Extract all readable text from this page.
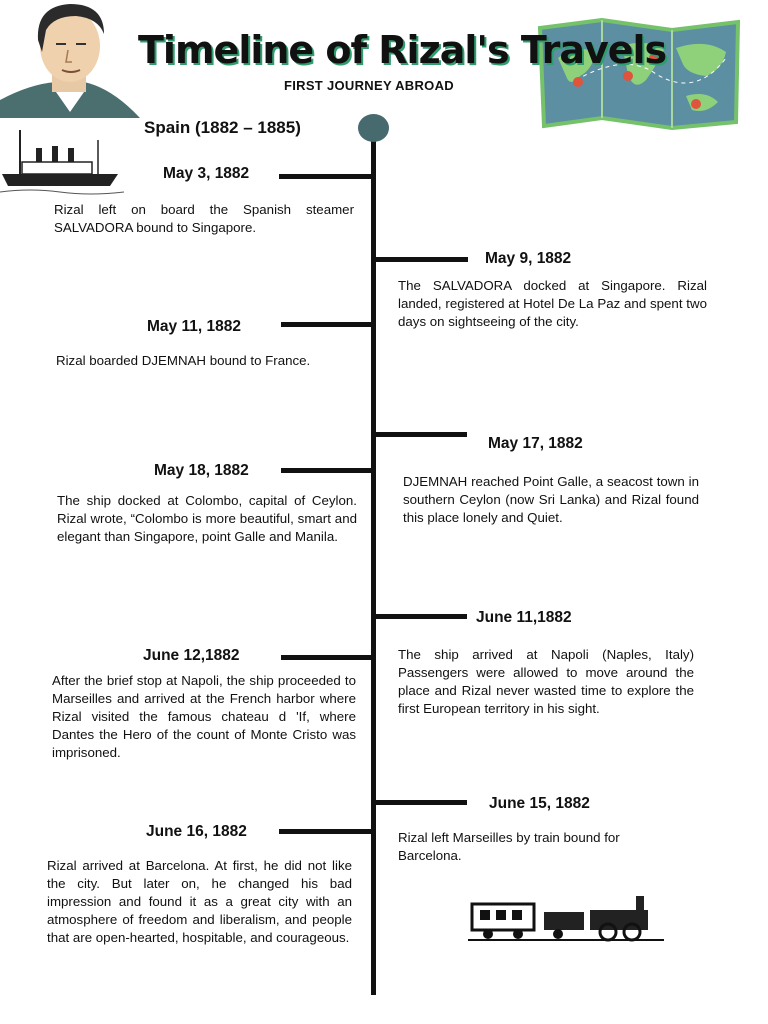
Timeline of Rizal's Travels
FIRST JOURNEY ABROAD
Spain (1882 – 1885)
May 3, 1882
Rizal left on board the Spanish steamer SALVADORA bound to Singapore.
May 9, 1882
The SALVADORA docked at Singapore. Rizal landed, registered at Hotel De La Paz and spent two days on sightseeing of the city.
May 11, 1882
Rizal boarded DJEMNAH bound to France.
May 17, 1882
DJEMNAH reached Point Galle, a seacost town in southern Ceylon (now Sri Lanka) and Rizal found this place lonely and Quiet.
May 18, 1882
The ship docked at Colombo, capital of Ceylon. Rizal wrote, “Colombo is more beautiful, smart and elegant than Singapore, point Galle and Manila.
June 11,1882
The ship arrived at Napoli (Naples, Italy) Passengers were allowed to move around the place and Rizal never wasted time to explore the first European territory in his sight.
June 12,1882
After the brief stop at Napoli, the ship proceeded to Marseilles and arrived at the French harbor where Rizal visited the famous chateau d 'If, where Dantes the Hero of the count of Monte Cristo was imprisoned.
June 15, 1882
Rizal left Marseilles by train bound for Barcelona.
June 16, 1882
Rizal arrived at Barcelona. At first, he did not like the city. But later on, he changed his bad impression and found it as a great city with an atmosphere of freedom and liberalism, and people that are open-hearted, hospitable, and courageous.
